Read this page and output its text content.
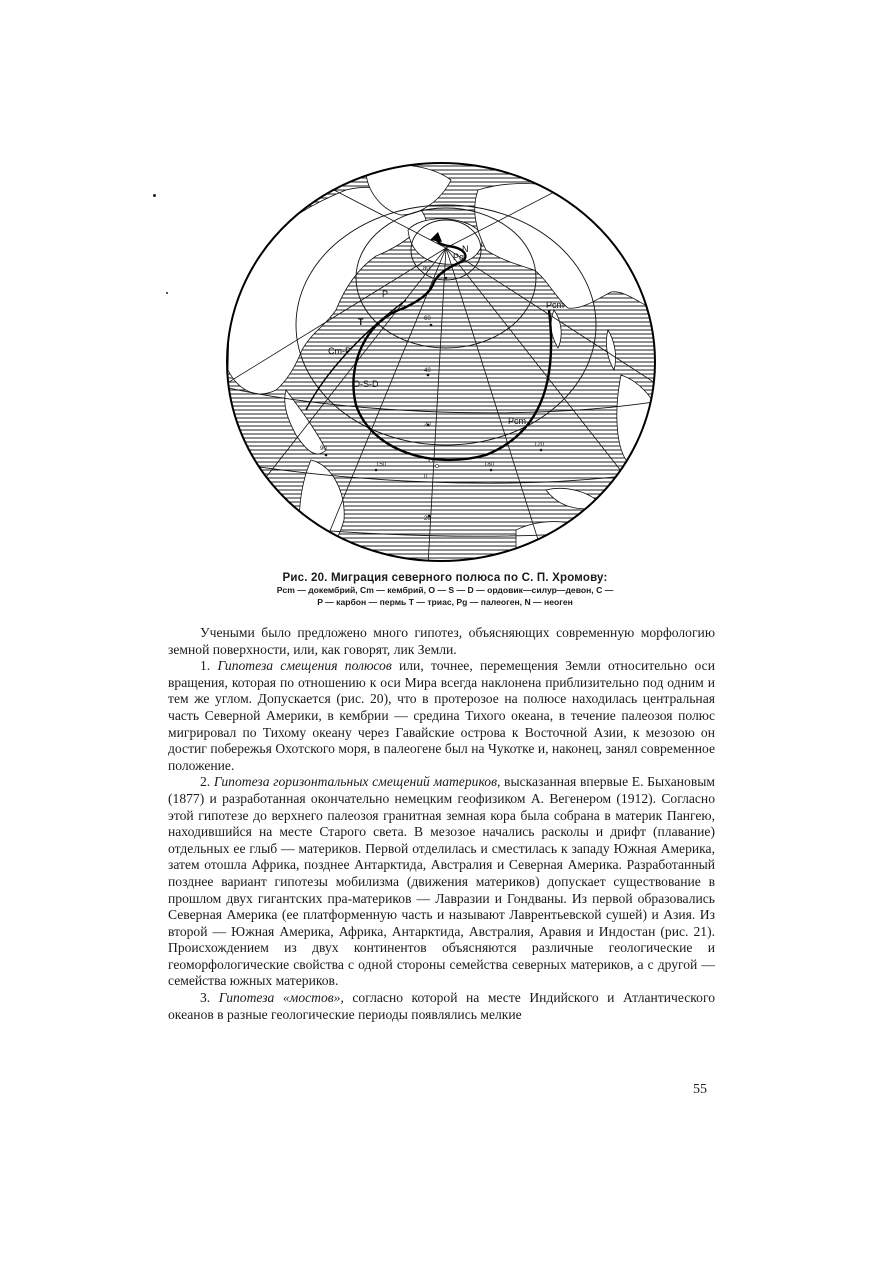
Pcm
Pcm
P
T
Cm-P
O-S-D
Pg
N
80
60
40
20
0
20
150	180
120
90
Рис. 20. Миграция северного полюса по С. П. Хромову:
Pcm — докембрий, Cm — кембрий, O — S — D — ордовик—силур—девон, C —
P — карбон — пермь T — триас, Pg — палеоген, N — неоген

Учеными было предложено много гипотез, объясняющих современную морфологию земной поверхности, или, как говорят, лик Земли.

1. Гипотеза смещения полюсов или, точнее, перемещения Земли относительно оси вращения, которая по отношению к оси Мира всегда наклонена приблизительно под одним и тем же углом. Допускается (рис. 20), что в протерозое на полюсе находилась центральная часть Северной Америки, в кембрии — средина Тихого океана, в течение палеозоя полюс мигрировал по Тихому океану через Гавайские острова к Восточной Азии, к мезозою он достиг побережья Охотского моря, в палеогене был на Чукотке и, наконец, занял современное положение.

2. Гипотеза горизонтальных смещений материков, высказанная впервые Е. Быхановым (1877) и разработанная окончательно немецким геофизиком А. Вегенером (1912). Согласно этой гипотезе до верхнего палеозоя гранитная земная кора была собрана в материк Пангею, находившийся на месте Старого света. В мезозое начались расколы и дрифт (плавание) отдельных ее глыб — материков. Первой отделилась и сместилась к западу Южная Америка, затем отошла Африка, позднее Антарктида, Австралия и Северная Америка. Разработанный позднее вариант гипотезы мобилизма (движения материков) допускает существование в прошлом двух гигантских пра-материков — Лавразии и Гондваны. Из первой образовались Северная Америка (ее платформенную часть и называют Лаврентьевской сушей) и Азия. Из второй — Южная Америка, Африка, Антарктида, Австралия, Аравия и Индостан (рис. 21). Происхождением из двух континентов объясняются различные геологические и геоморфологические свойства с одной стороны семейства северных материков, а с другой — семейства южных материков.

3. Гипотеза «мостов», согласно которой на месте Индийского и Атлантического океанов в разные геологические периоды появлялись мелкие

55
